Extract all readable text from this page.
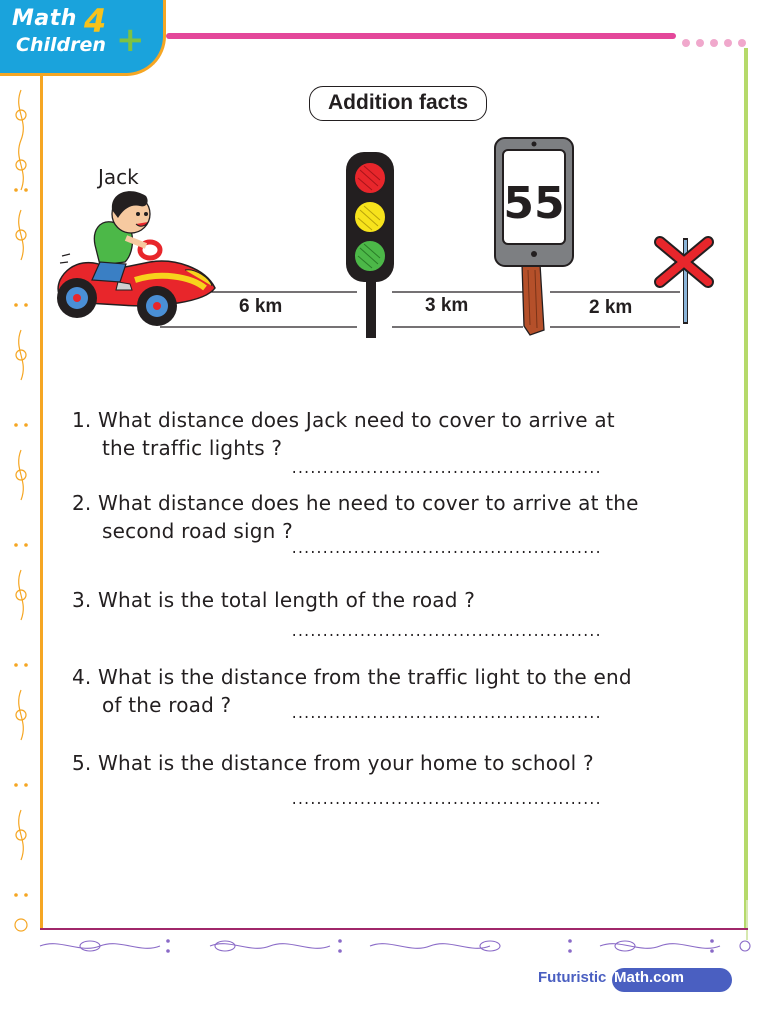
Math 4
Children +
Futuristic Math.com
Addition facts
Jack
55
6 km	3 km	2 km
1. What distance does Jack need to cover to arrive at
the traffic lights ?
..................................................
2. What distance does he need to cover to arrive at the
second road sign ?
..................................................
3. What is the total length of the road ?
..................................................
4. What is the distance from the traffic light to the end
of the road ?	..................................................
5. What is the distance from your home to school ?
..................................................
